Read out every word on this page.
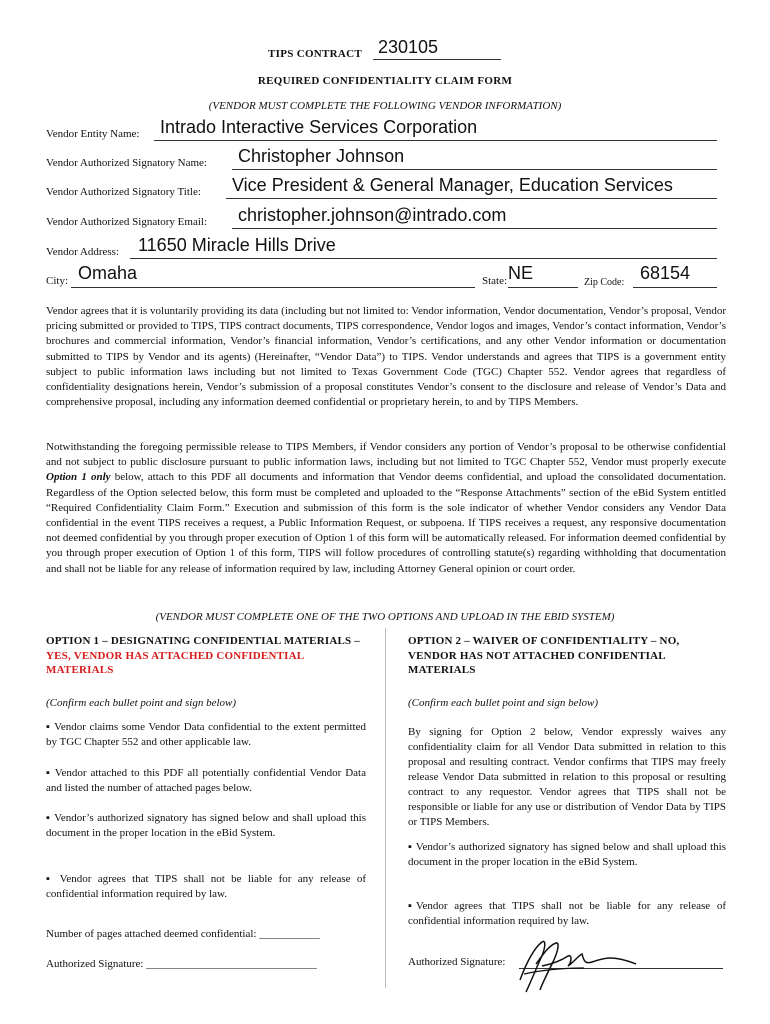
TIPS CONTRACT 230105
REQUIRED CONFIDENTIALITY CLAIM FORM
(VENDOR MUST COMPLETE THE FOLLOWING VENDOR INFORMATION)
Vendor Entity Name: Intrado Interactive Services Corporation
Vendor Authorized Signatory Name: Christopher Johnson
Vendor Authorized Signatory Title: Vice President & General Manager, Education Services
Vendor Authorized Signatory Email: christopher.johnson@intrado.com
Vendor Address: 11650 Miracle Hills Drive
City: Omaha	State: NE	Zip Code: 68154
Vendor agrees that it is voluntarily providing its data (including but not limited to: Vendor information, Vendor documentation, Vendor’s proposal, Vendor pricing submitted or provided to TIPS, TIPS contract documents, TIPS correspondence, Vendor logos and images, Vendor’s contact information, Vendor’s brochures and commercial information, Vendor’s financial information, Vendor’s certifications, and any other Vendor information or documentation submitted to TIPS by Vendor and its agents) (Hereinafter, “Vendor Data”) to TIPS. Vendor understands and agrees that TIPS is a government entity subject to public information laws including but not limited to Texas Government Code (TGC) Chapter 552. Vendor agrees that regardless of confidentiality designations herein, Vendor’s submission of a proposal constitutes Vendor’s consent to the disclosure and release of Vendor’s Data and comprehensive proposal, including any information deemed confidential or proprietary herein, to and by TIPS Members.
Notwithstanding the foregoing permissible release to TIPS Members, if Vendor considers any portion of Vendor’s proposal to be otherwise confidential and not subject to public disclosure pursuant to public information laws, including but not limited to TGC Chapter 552, Vendor must properly execute Option 1 only below, attach to this PDF all documents and information that Vendor deems confidential, and upload the consolidated documentation. Regardless of the Option selected below, this form must be completed and uploaded to the “Response Attachments” section of the eBid System entitled “Required Confidentiality Claim Form.” Execution and submission of this form is the sole indicator of whether Vendor considers any Vendor Data confidential in the event TIPS receives a request, a Public Information Request, or subpoena. If TIPS receives a request, any responsive documentation not deemed confidential by you through proper execution of Option 1 of this form will be automatically released. For information deemed confidential by you through proper execution of Option 1 of this form, TIPS will follow procedures of controlling statute(s) regarding withholding that documentation and shall not be liable for any release of information required by law, including Attorney General opinion or court order.
(VENDOR MUST COMPLETE ONE OF THE TWO OPTIONS AND UPLOAD IN THE EBID SYSTEM)
OPTION 1 – DESIGNATING CONFIDENTIAL MATERIALS – YES, VENDOR HAS ATTACHED CONFIDENTIAL MATERIALS
(Confirm each bullet point and sign below)

▪ Vendor claims some Vendor Data confidential to the extent permitted by TGC Chapter 552 and other applicable law.

▪ Vendor attached to this PDF all potentially confidential Vendor Data and listed the number of attached pages below.

▪ Vendor’s authorized signatory has signed below and shall upload this document in the proper location in the eBid System.

▪ Vendor agrees that TIPS shall not be liable for any release of confidential information required by law.

Number of pages attached deemed confidential: ___________
Authorized Signature: _______________________________
OPTION 2 – WAIVER OF CONFIDENTIALITY – NO, VENDOR HAS NOT ATTACHED CONFIDENTIAL MATERIALS
(Confirm each bullet point and sign below)

By signing for Option 2 below, Vendor expressly waives any confidentiality claim for all Vendor Data submitted in relation to this proposal and resulting contract. Vendor confirms that TIPS may freely release Vendor Data submitted in relation to this proposal or resulting contract to any requestor. Vendor agrees that TIPS shall not be responsible or liable for any use or distribution of Vendor Data by TIPS or TIPS Members.

▪ Vendor’s authorized signatory has signed below and shall upload this document in the proper location in the eBid System.

▪Vendor agrees that TIPS shall not be liable for any release of confidential information required by law.

Authorized Signature:
